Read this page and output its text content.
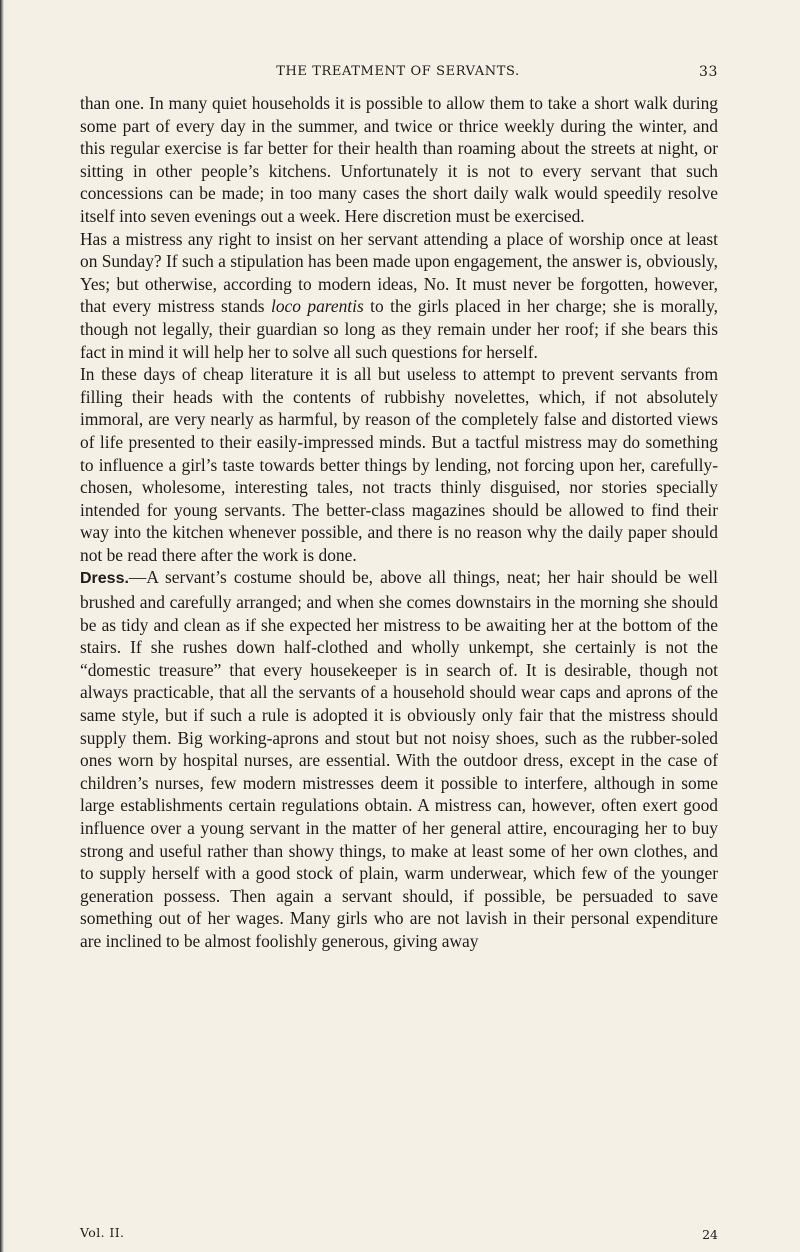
THE TREATMENT OF SERVANTS.	33

than one. In many quiet households it is possible to allow them to take a short walk during some part of every day in the summer, and twice or thrice weekly during the winter, and this regular exercise is far better for their health than roaming about the streets at night, or sitting in other people’s kitchens. Unfortunately it is not to every servant that such concessions can be made; in too many cases the short daily walk would speedily resolve itself into seven evenings out a week. Here discretion must be exercised.

Has a mistress any right to insist on her servant attending a place of worship once at least on Sunday? If such a stipulation has been made upon engagement, the answer is, obviously, Yes; but otherwise, according to modern ideas, No. It must never be forgotten, however, that every mistress stands loco parentis to the girls placed in her charge; she is morally, though not legally, their guardian so long as they remain under her roof; if she bears this fact in mind it will help her to solve all such questions for herself.

In these days of cheap literature it is all but useless to attempt to prevent servants from filling their heads with the contents of rubbishy novelettes, which, if not absolutely immoral, are very nearly as harmful, by reason of the completely false and distorted views of life presented to their easily-impressed minds. But a tactful mistress may do something to influence a girl’s taste towards better things by lending, not forcing upon her, carefully-chosen, wholesome, interesting tales, not tracts thinly disguised, nor stories specially intended for young servants. The better-class magazines should be allowed to find their way into the kitchen whenever possible, and there is no reason why the daily paper should not be read there after the work is done.

Dress.—A servant’s costume should be, above all things, neat; her hair should be well brushed and carefully arranged; and when she comes downstairs in the morning she should be as tidy and clean as if she expected her mistress to be awaiting her at the bottom of the stairs. If she rushes down half-clothed and wholly unkempt, she certainly is not the “domestic treasure” that every housekeeper is in search of. It is desirable, though not always practicable, that all the servants of a household should wear caps and aprons of the same style, but if such a rule is adopted it is obviously only fair that the mistress should supply them. Big working-aprons and stout but not noisy shoes, such as the rubber-soled ones worn by hospital nurses, are essential. With the outdoor dress, except in the case of children’s nurses, few modern mistresses deem it possible to interfere, although in some large establishments certain regulations obtain. A mistress can, however, often exert good influence over a young servant in the matter of her general attire, encouraging her to buy strong and useful rather than showy things, to make at least some of her own clothes, and to supply herself with a good stock of plain, warm underwear, which few of the younger generation possess. Then again a servant should, if possible, be persuaded to save something out of her wages. Many girls who are not lavish in their personal expenditure are inclined to be almost foolishly generous, giving away

Vol. II.	24
